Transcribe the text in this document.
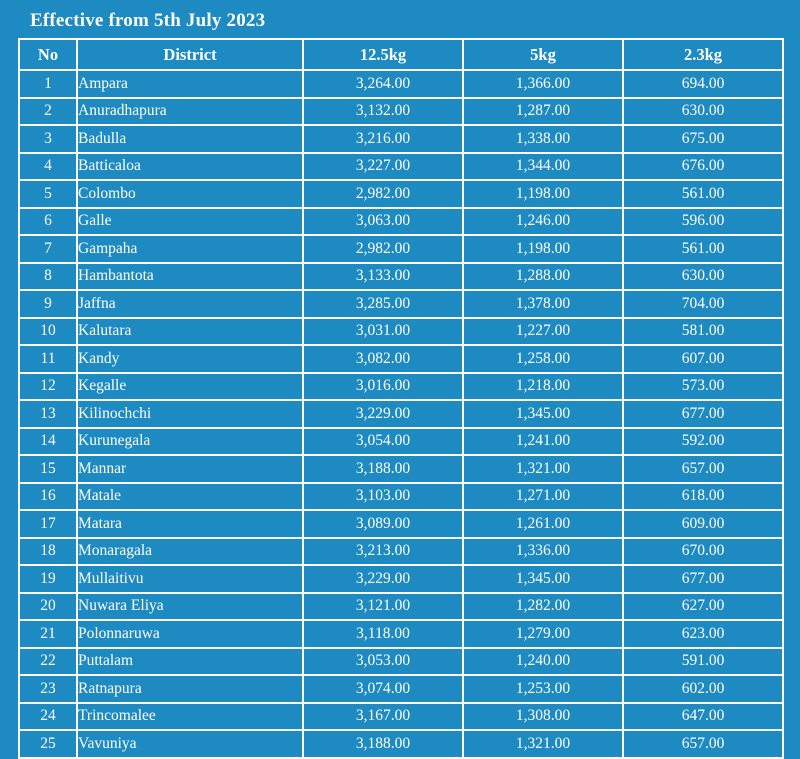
Effective from 5th July 2023
No	District	12.5kg	5kg	2.3kg
1	Ampara	3,264.00	1,366.00	694.00
2	Anuradhapura	3,132.00	1,287.00	630.00
3	Badulla	3,216.00	1,338.00	675.00
4	Batticaloa	3,227.00	1,344.00	676.00
5	Colombo	2,982.00	1,198.00	561.00
6	Galle	3,063.00	1,246.00	596.00
7	Gampaha	2,982.00	1,198.00	561.00
8	Hambantota	3,133.00	1,288.00	630.00
9	Jaffna	3,285.00	1,378.00	704.00
10	Kalutara	3,031.00	1,227.00	581.00
11	Kandy	3,082.00	1,258.00	607.00
12	Kegalle	3,016.00	1,218.00	573.00
13	Kilinochchi	3,229.00	1,345.00	677.00
14	Kurunegala	3,054.00	1,241.00	592.00
15	Mannar	3,188.00	1,321.00	657.00
16	Matale	3,103.00	1,271.00	618.00
17	Matara	3,089.00	1,261.00	609.00
18	Monaragala	3,213.00	1,336.00	670.00
19	Mullaitivu	3,229.00	1,345.00	677.00
20	Nuwara Eliya	3,121.00	1,282.00	627.00
21	Polonnaruwa	3,118.00	1,279.00	623.00
22	Puttalam	3,053.00	1,240.00	591.00
23	Ratnapura	3,074.00	1,253.00	602.00
24	Trincomalee	3,167.00	1,308.00	647.00
25	Vavuniya	3,188.00	1,321.00	657.00
